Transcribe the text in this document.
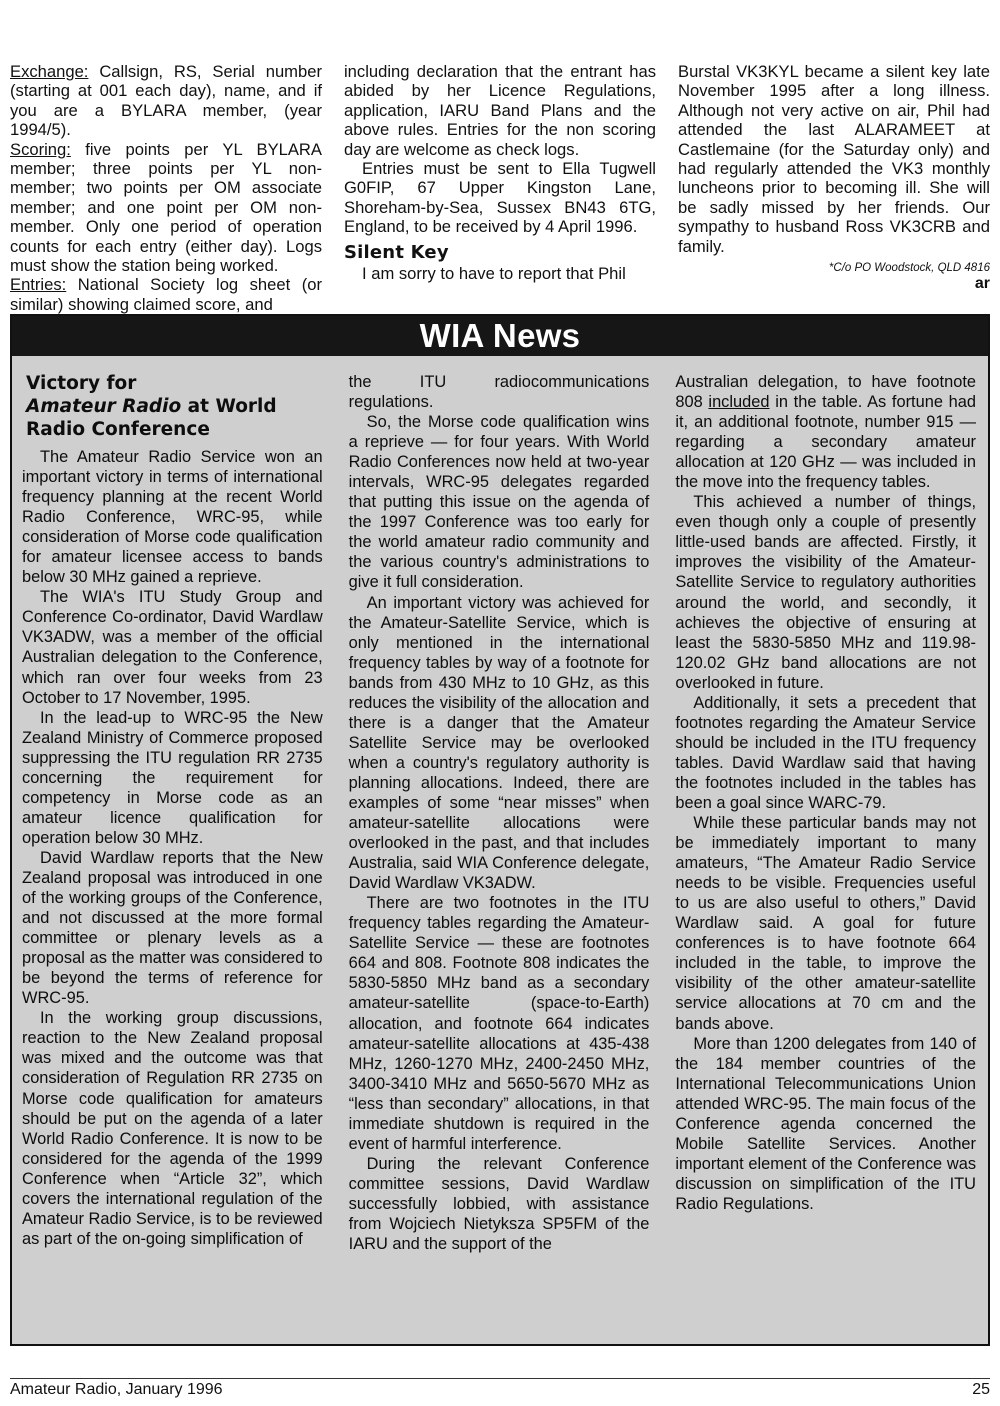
Exchange: Callsign, RS, Serial number (starting at 001 each day), name, and if you are a BYLARA member, (year 1994/5).

Scoring: five points per YL BYLARA member; three points per YL non-member; two points per OM associate member; and one point per OM non-member. Only one period of operation counts for each entry (either day). Logs must show the station being worked.

Entries: National Society log sheet (or similar) showing claimed score, and

including declaration that the entrant has abided by her Licence Regulations, application, IARU Band Plans and the above rules. Entries for the non scoring day are welcome as check logs.

Entries must be sent to Ella Tugwell G0FIP, 67 Upper Kingston Lane, Shoreham-by-Sea, Sussex BN43 6TG, England, to be received by 4 April 1996.

Silent Key

I am sorry to have to report that Phil

Burstal VK3KYL became a silent key late November 1995 after a long illness. Although not very active on air, Phil had attended the last ALARAMEET at Castlemaine (for the Saturday only) and had regularly attended the VK3 monthly luncheons prior to becoming ill. She will be sadly missed by her friends. Our sympathy to husband Ross VK3CRB and family.

*C/o PO Woodstock, QLD 4816
ar
WIA News
Victory for
Amateur Radio at World
Radio Conference

The Amateur Radio Service won an important victory in terms of international frequency planning at the recent World Radio Conference, WRC-95, while consideration of Morse code qualification for amateur licensee access to bands below 30 MHz gained a reprieve.

The WIA's ITU Study Group and Conference Co-ordinator, David Wardlaw VK3ADW, was a member of the official Australian delegation to the Conference, which ran over four weeks from 23 October to 17 November, 1995.

In the lead-up to WRC-95 the New Zealand Ministry of Commerce proposed suppressing the ITU regulation RR 2735 concerning the requirement for competency in Morse code as an amateur licence qualification for operation below 30 MHz.

David Wardlaw reports that the New Zealand proposal was introduced in one of the working groups of the Conference, and not discussed at the more formal committee or plenary levels as a proposal as the matter was considered to be beyond the terms of reference for WRC-95.

In the working group discussions, reaction to the New Zealand proposal was mixed and the outcome was that consideration of Regulation RR 2735 on Morse code qualification for amateurs should be put on the agenda of a later World Radio Conference. It is now to be considered for the agenda of the 1999 Conference when “Article 32”, which covers the international regulation of the Amateur Radio Service, is to be reviewed as part of the on-going simplification of

the ITU radiocommunications regulations.

So, the Morse code qualification wins a reprieve — for four years. With World Radio Conferences now held at two-year intervals, WRC-95 delegates regarded that putting this issue on the agenda of the 1997 Conference was too early for the world amateur radio community and the various country's administrations to give it full consideration.

An important victory was achieved for the Amateur-Satellite Service, which is only mentioned in the international frequency tables by way of a footnote for bands from 430 MHz to 10 GHz, as this reduces the visibility of the allocation and there is a danger that the Amateur Satellite Service may be overlooked when a country's regulatory authority is planning allocations. Indeed, there are examples of some “near misses” when amateur-satellite allocations were overlooked in the past, and that includes Australia, said WIA Conference delegate, David Wardlaw VK3ADW.

There are two footnotes in the ITU frequency tables regarding the Amateur-Satellite Service — these are footnotes 664 and 808. Footnote 808 indicates the 5830-5850 MHz band as a secondary amateur-satellite (space-to-Earth) allocation, and footnote 664 indicates amateur-satellite allocations at 435-438 MHz, 1260-1270 MHz, 2400-2450 MHz, 3400-3410 MHz and 5650-5670 MHz as “less than secondary” allocations, in that immediate shutdown is required in the event of harmful interference.

During the relevant Conference committee sessions, David Wardlaw successfully lobbied, with assistance from Wojciech Nietyksza SP5FM of the IARU and the support of the

Australian delegation, to have footnote 808 included in the table. As fortune had it, an additional footnote, number 915 — regarding a secondary amateur allocation at 120 GHz — was included in the move into the frequency tables.

This achieved a number of things, even though only a couple of presently little-used bands are affected. Firstly, it improves the visibility of the Amateur-Satellite Service to regulatory authorities around the world, and secondly, it achieves the objective of ensuring at least the 5830-5850 MHz and 119.98-120.02 GHz band allocations are not overlooked in future.

Additionally, it sets a precedent that footnotes regarding the Amateur Service should be included in the ITU frequency tables. David Wardlaw said that having the footnotes included in the tables has been a goal since WARC-79.

While these particular bands may not be immediately important to many amateurs, “The Amateur Radio Service needs to be visible. Frequencies useful to us are also useful to others,” David Wardlaw said. A goal for future conferences is to have footnote 664 included in the table, to improve the visibility of the other amateur-satellite service allocations at 70 cm and the bands above.

More than 1200 delegates from 140 of the 184 member countries of the International Telecommunications Union attended WRC-95. The main focus of the Conference agenda concerned the Mobile Satellite Services. Another important element of the Conference was discussion on simplification of the ITU Radio Regulations.

Amateur Radio, January 1996	25
